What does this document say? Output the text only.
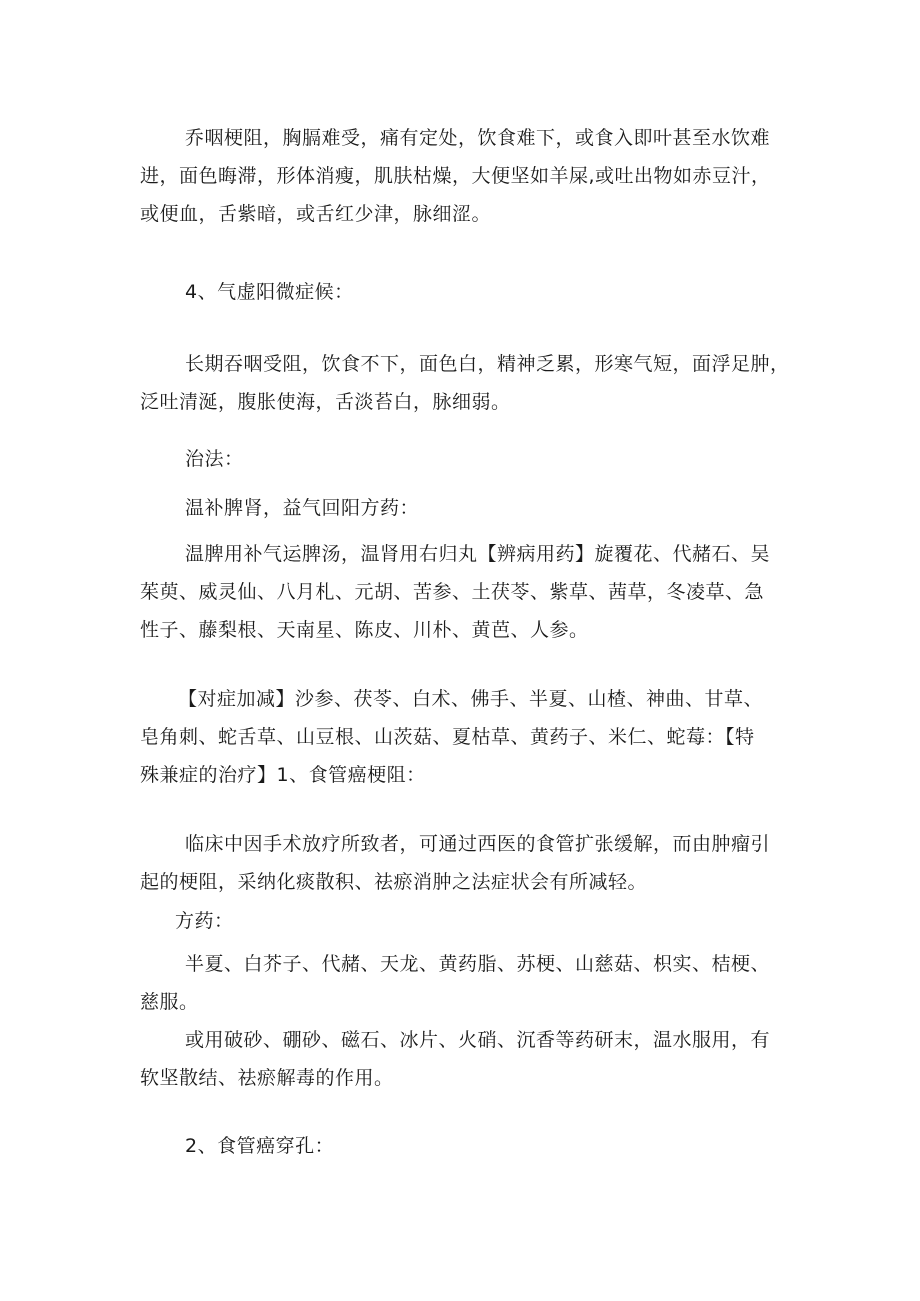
乔咽梗阻，胸膈难受，痛有定处，饮食难下，或食入即叶甚至水饮难
进，面色晦滞，形体消瘦，肌肤枯燥，大便坚如羊屎,或吐出物如赤豆汁，
或便血，舌紫暗，或舌红少津，脉细涩。
4、气虚阳微症候：
长期吞咽受阻，饮食不下，面色白，精神乏累，形寒气短，面浮足肿，
泛吐清涎，腹胀使海，舌淡苔白，脉细弱。
治法：
温补脾肾，益气回阳方药：
温脾用补气运脾汤，温肾用右归丸【辨病用药】旋覆花、代赭石、吴
茱萸、威灵仙、八月札、元胡、苦参、土茯苓、紫草、茜草，冬凌草、急
性子、藤梨根、天南星、陈皮、川朴、黄芭、人参。
【对症加减】沙参、茯苓、白术、佛手、半夏、山楂、神曲、甘草、
皂角刺、蛇舌草、山豆根、山茨菇、夏枯草、黄药子、米仁、蛇莓：【特
殊兼症的治疗】1、食管癌梗阻：
临床中因手术放疗所致者，可通过西医的食管扩张缓解，而由肿瘤引
起的梗阻，采纳化痰散积、祛瘀消肿之法症状会有所减轻。
方药：
半夏、白芥子、代赭、天龙、黄药脂、苏梗、山慈菇、枳实、桔梗、
慈服。
或用破砂、硼砂、磁石、冰片、火硝、沉香等药研末，温水服用，有
软坚散结、祛瘀解毒的作用。
2、食管癌穿孔：
